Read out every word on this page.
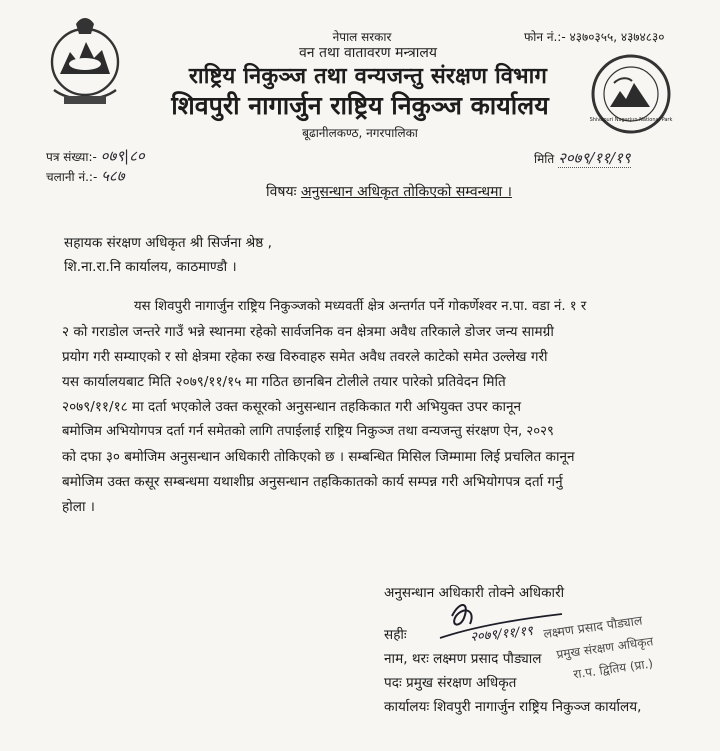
Shivapuri Nagarjun National Park
नेपाल सरकार
वन तथा वातावरण मन्त्रालय
राष्ट्रिय निकुञ्ज तथा वन्यजन्तु संरक्षण विभाग
शिवपुरी नागार्जुन राष्ट्रिय निकुञ्ज कार्यालय
बूढानीलकण्ठ, नगरपालिका
फोन नं.:- ४३७०३५५, ४३७४८३०
पत्र संख्या:- ०७९|८०
चलानी नं.:- ५८७
मिति २०७९/११/१९
विषयः अनुसन्धान अधिकृत तोकिएको सम्वन्धमा ।
सहायक संरक्षण अधिकृत श्री सिर्जना श्रेष्ठ ,
शि.ना.रा.नि कार्यालय, काठमाण्डौ ।
यस शिवपुरी नागार्जुन राष्ट्रिय निकुञ्जको मध्यवर्ती क्षेत्र अन्तर्गत पर्ने गोकर्णेश्वर न.पा. वडा नं. १ र
२ को गराडोल जन्तरे गाउँ भन्ने स्थानमा रहेको सार्वजनिक वन क्षेत्रमा अवैध तरिकाले डोजर जन्य सामग्री
प्रयोग गरी सम्याएको र सो क्षेत्रमा रहेका रुख विरुवाहरु समेत अवैध तवरले काटेको समेत उल्लेख गरी
यस कार्यालयबाट मिति २०७९/११/१५ मा गठित छानबिन टोलीले तयार पारेको प्रतिवेदन मिति
२०७९/११/१८ मा दर्ता भएकोले उक्त कसूरको अनुसन्धान तहकिकात गरी अभियुक्त उपर कानून
बमोजिम अभियोगपत्र दर्ता गर्न समेतको लागि तपाईलाई राष्ट्रिय निकुञ्ज तथा वन्यजन्तु संरक्षण ऐन, २०२९
को दफा ३० बमोजिम अनुसन्धान अधिकारी तोकिएको छ । सम्बन्धित मिसिल जिम्मामा लिई प्रचलित कानून
बमोजिम उक्त कसूर सम्बन्धमा यथाशीघ्र अनुसन्धान तहकिकातको कार्य सम्पन्न गरी अभियोगपत्र दर्ता गर्नु
होला ।
अनुसन्धान अधिकारी तोक्ने अधिकारी
सहीः	२०७९/११/१९
नाम, थरः लक्ष्मण प्रसाद पौड्याल
पदः प्रमुख संरक्षण अधिकृत
कार्यालयः शिवपुरी नागार्जुन राष्ट्रिय निकुञ्ज कार्यालय,
लक्ष्मण प्रसाद पौड्याल
प्रमुख संरक्षण अधिकृत
रा.प. द्वितिय (प्रा.)
